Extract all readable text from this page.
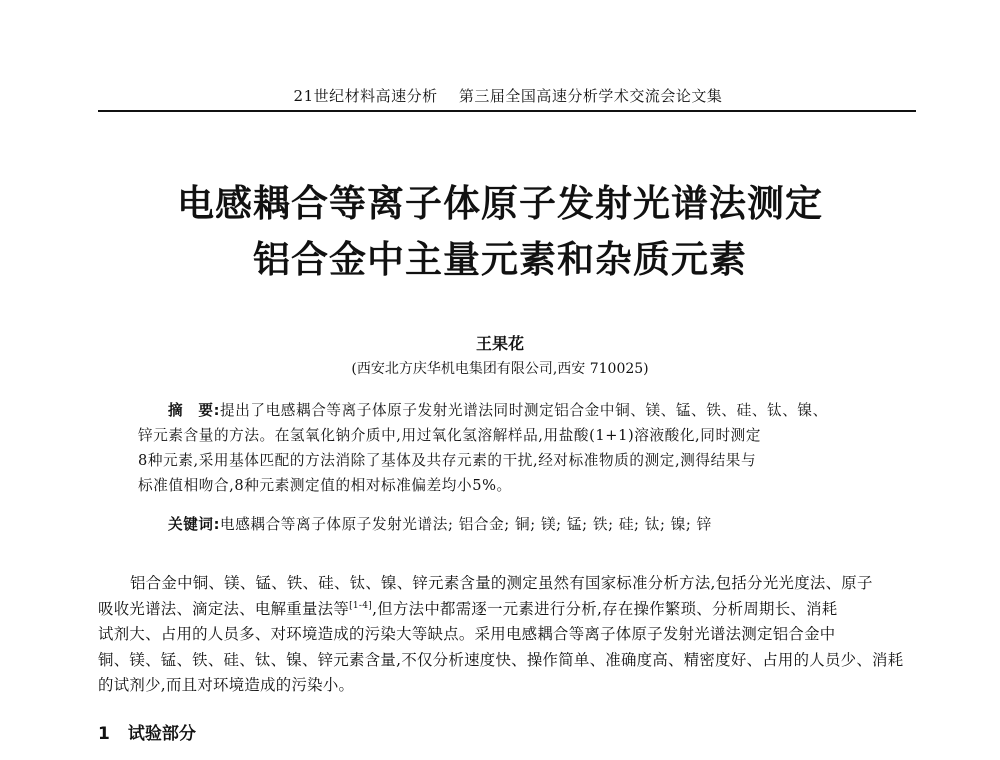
21世纪材料高速分析 第三届全国高速分析学术交流会论文集
电感耦合等离子体原子发射光谱法测定
铝合金中主量元素和杂质元素
王果花
(西安北方庆华机电集团有限公司,西安 710025)
摘　要:提出了电感耦合等离子体原子发射光谱法同时测定铝合金中铜、镁、锰、铁、硅、钛、镍、
锌元素含量的方法。在氢氧化钠介质中,用过氧化氢溶解样品,用盐酸(1+1)溶液酸化,同时测定
8种元素,采用基体匹配的方法消除了基体及共存元素的干扰,经对标准物质的测定,测得结果与
标准值相吻合,8种元素测定值的相对标准偏差均小5%。
关键词:电感耦合等离子体原子发射光谱法; 铝合金; 铜; 镁; 锰; 铁; 硅; 钛; 镍; 锌
铝合金中铜、镁、锰、铁、硅、钛、镍、锌元素含量的测定虽然有国家标准分析方法,包括分光光度法、原子
吸收光谱法、滴定法、电解重量法等[1-4],但方法中都需逐一元素进行分析,存在操作繁琐、分析周期长、消耗
试剂大、占用的人员多、对环境造成的污染大等缺点。采用电感耦合等离子体原子发射光谱法测定铝合金中
铜、镁、锰、铁、硅、钛、镍、锌元素含量,不仅分析速度快、操作简单、准确度高、精密度好、占用的人员少、消耗
的试剂少,而且对环境造成的污染小。
1 试验部分
